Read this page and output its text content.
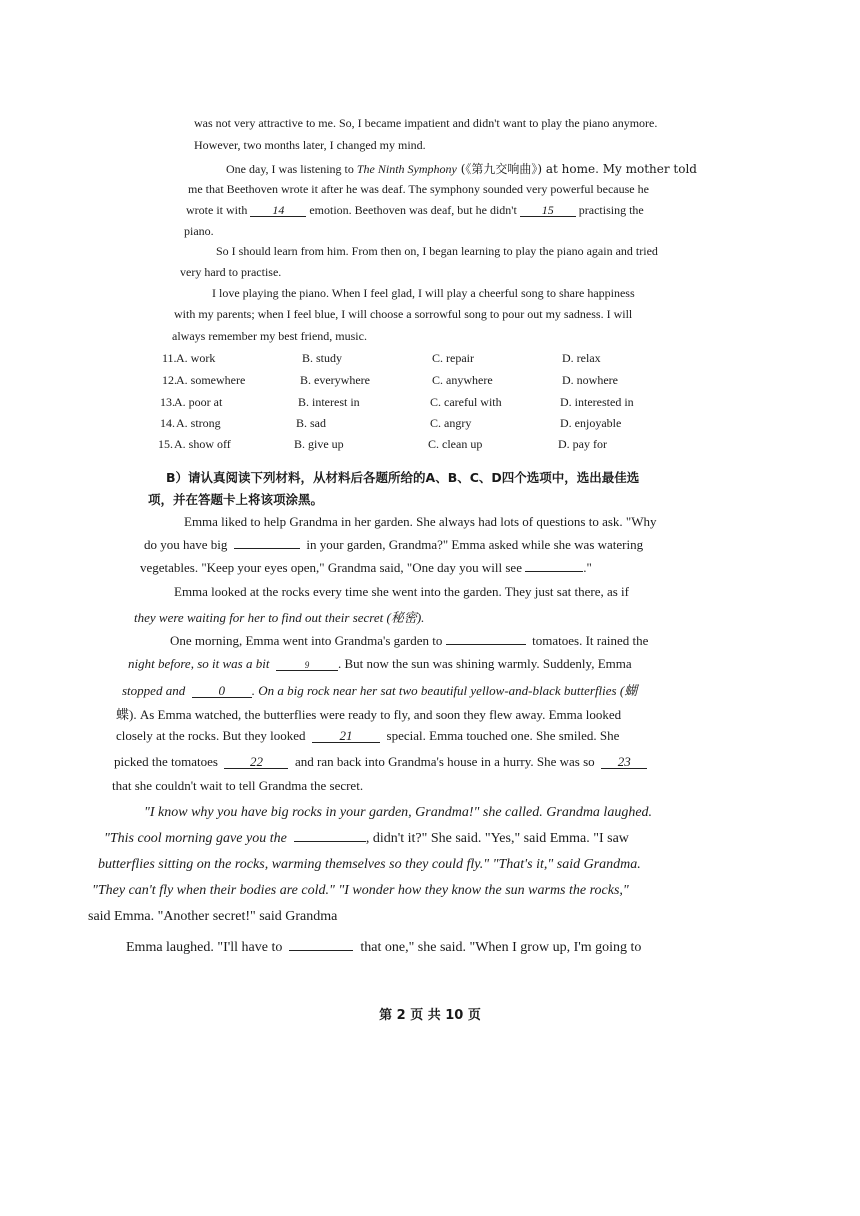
was not very attractive to me. So, I became impatient and didn't want to play the piano anymore.
However, two months later, I changed my mind.
One day, I was listening to The Ninth Symphony (《第九交响曲》) at home. My mother told
me that Beethoven wrote it after he was deaf. The symphony sounded very powerful because he
wrote it with 14 emotion. Beethoven was deaf, but he didn't 15 practising the
piano.
So I should learn from him. From then on, I began learning to play the piano again and tried
very hard to practise.
I love playing the piano. When I feel glad, I will play a cheerful song to share happiness
with my parents; when I feel blue, I will choose a sorrowful song to pour out my sadness. I will
always remember my best friend, music.
11. A. work	B. study	C. repair	D. relax
12. A. somewhere	B. everywhere	C. anywhere	D. nowhere
13. A. poor at	B. interest in	C. careful with	D. interested in
14. A. strong	B. sad	C. angry	D. enjoyable
15. A. show off	B. give up	C. clean up	D. pay for
B）请认真阅读下列材料，从材料后各题所给的A、B、C、D四个选项中，选出最佳选
项，并在答题卡上将该项涂黑。
Emma liked to help Grandma in her garden. She always had lots of questions to ask. "Why
do you have big	in your garden, Grandma?" Emma asked while she was watering
vegetables. "Keep your eyes open," Grandma said, "One day you will see	."
Emma looked at the rocks every time she went into the garden. They just sat there, as if
they were waiting for her to find out their secret (秘密).
One morning, Emma went into Grandma's garden to	tomatoes. It rained the
night before, so it was a bit	9 . But now the sun was shining warmly. Suddenly, Emma
stopped and	0 . On a big rock near her sat two beautiful yellow-and-black butterflies (蝴
蝶). As Emma watched, the butterflies were ready to fly, and soon they flew away. Emma looked
closely at the rocks. But they looked	21	special. Emma touched one. She smiled. She
picked the tomatoes 22 and ran back into Grandma's house in a hurry. She was so 23
that she couldn't wait to tell Grandma the secret.
"I know why you have big rocks in your garden, Grandma!" she called. Grandma laughed.
"This cool morning gave you the	, didn't it?" She said. "Yes," said Emma. "I saw
butterflies sitting on the rocks, warming themselves so they could fly." "That's it," said Grandma.
"They can't fly when their bodies are cold." "I wonder how they know the sun warms the rocks,"
said Emma. "Another secret!" said Grandma
Emma laughed. "I'll have to	that one," she said. "When I grow up, I'm going to
第 2 页 共 10 页
